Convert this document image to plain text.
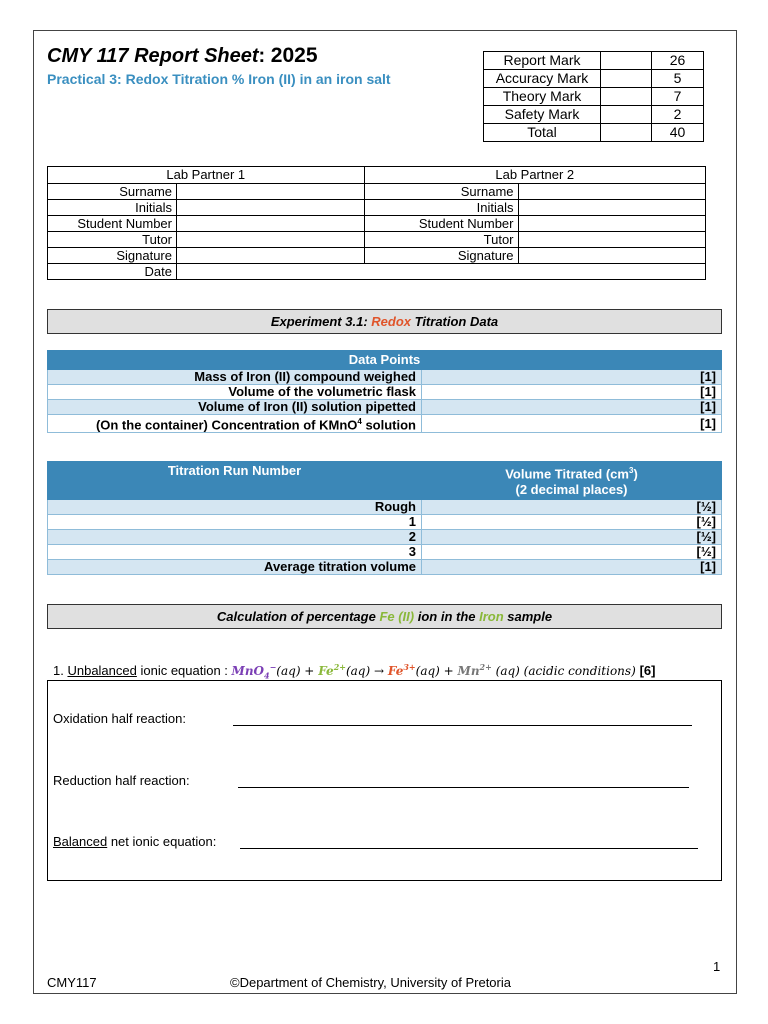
CMY 117 Report Sheet: 2025
Practical 3: Redox Titration % Iron (II) in an iron salt
Report Mark		26
Accuracy Mark		5
Theory Mark		7
Safety Mark		2
Total		40
Lab Partner 1		Lab Partner 2	
Surname		Surname	
Initials		Initials	
Student Number		Student Number	
Tutor		Tutor	
Signature		Signature	
Date			
Experiment 3.1: Redox Titration Data
Data Points	
Mass of Iron (II) compound weighed	[1]
Volume of the volumetric flask	[1]
Volume of Iron (II) solution pipetted	[1]
(On the container) Concentration of KMnO$^4$ solution	[1]
Titration Run Number	Volume Titrated $(cm^3)$
(2 decimal places)
Rough	[½]
1	[½]
2	[½]
3	[½]
Average titration volume	[1]
Calculation of percentage Fe (II) ion in the Iron sample
1. Unbalanced ionic equation : $MnO_4^-(aq) + Fe^{2+}(aq) \to Fe^{3+}(aq) + Mn^{2+}$ (aq) (acidic conditions) [6]
Oxidation half reaction:
Reduction half reaction:
Balanced net ionic equation:
1
CMY117	©Department of Chemistry, University of Pretoria
